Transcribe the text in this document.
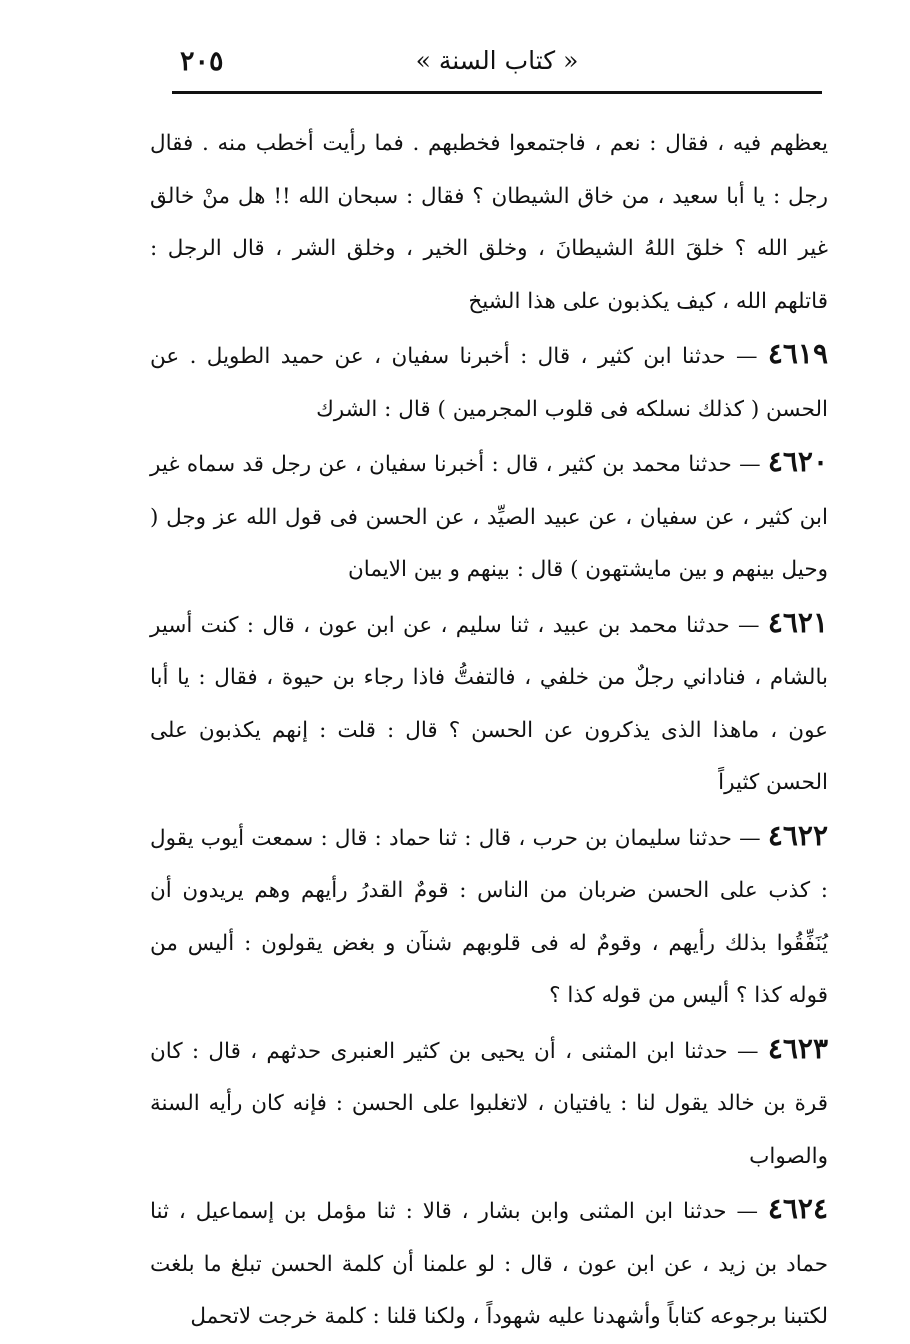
٢٠٥	« كتاب السنة »

يعظهم فيه ، فقال : نعم ، فاجتمعوا فخطبهم . فما رأيت أخطب منه . فقال رجل : يا أبا سعيد ، من خاق الشيطان ؟ فقال : سبحان الله !! هل منْ خالق غير الله ؟ خلقَ اللهُ الشيطانَ ، وخلق الخير ، وخلق الشر ، قال الرجل : قاتلهم الله ، كيف يكذبون على هذا الشيخ

٤٦١٩ — حدثنا ابن كثير ، قال : أخبرنا سفيان ، عن حميد الطويل . عن الحسن ( كذلك نسلكه فى قلوب المجرمين ) قال : الشرك

٤٦٢٠ — حدثنا محمد بن كثير ، قال : أخبرنا سفيان ، عن رجل قد سماه غير ابن كثير ، عن سفيان ، عن عبيد الصيِّد ، عن الحسن فى قول الله عز وجل ( وحيل بينهم و بين مايشتهون ) قال : بينهم و بين الايمان

٤٦٢١ — حدثنا محمد بن عبيد ، ثنا سليم ، عن ابن عون ، قال : كنت أسير بالشام ، فناداني رجلٌ من خلفي ، فالتفتُّ فاذا رجاء بن حيوة ، فقال : يا أبا عون ، ماهذا الذى يذكرون عن الحسن ؟ قال : قلت : إنهم يكذبون على الحسن كثيراً

٤٦٢٢ — حدثنا سليمان بن حرب ، قال : ثنا حماد : قال : سمعت أيوب يقول : كذب على الحسن ضربان من الناس : قومٌ القدرُ رأيهم وهم يريدون أن يُنَفِّقُوا بذلك رأيهم ، وقومٌ له فى قلوبهم شنآن و بغض يقولون : أليس من قوله كذا ؟ أليس من قوله كذا ؟

٤٦٢٣ — حدثنا ابن المثنى ، أن يحيى بن كثير العنبرى حدثهم ، قال : كان قرة بن خالد يقول لنا : يافتيان ، لاتغلبوا على الحسن : فإنه كان رأيه السنة والصواب

٤٦٢٤ — حدثنا ابن المثنى وابن بشار ، قالا : ثنا مؤمل بن إسماعيل ، ثنا حماد بن زيد ، عن ابن عون ، قال : لو علمنا أن كلمة الحسن تبلغ ما بلغت لكتبنا برجوعه كتاباً وأشهدنا عليه شهوداً ، ولكنا قلنا : كلمة خرجت لاتحمل
